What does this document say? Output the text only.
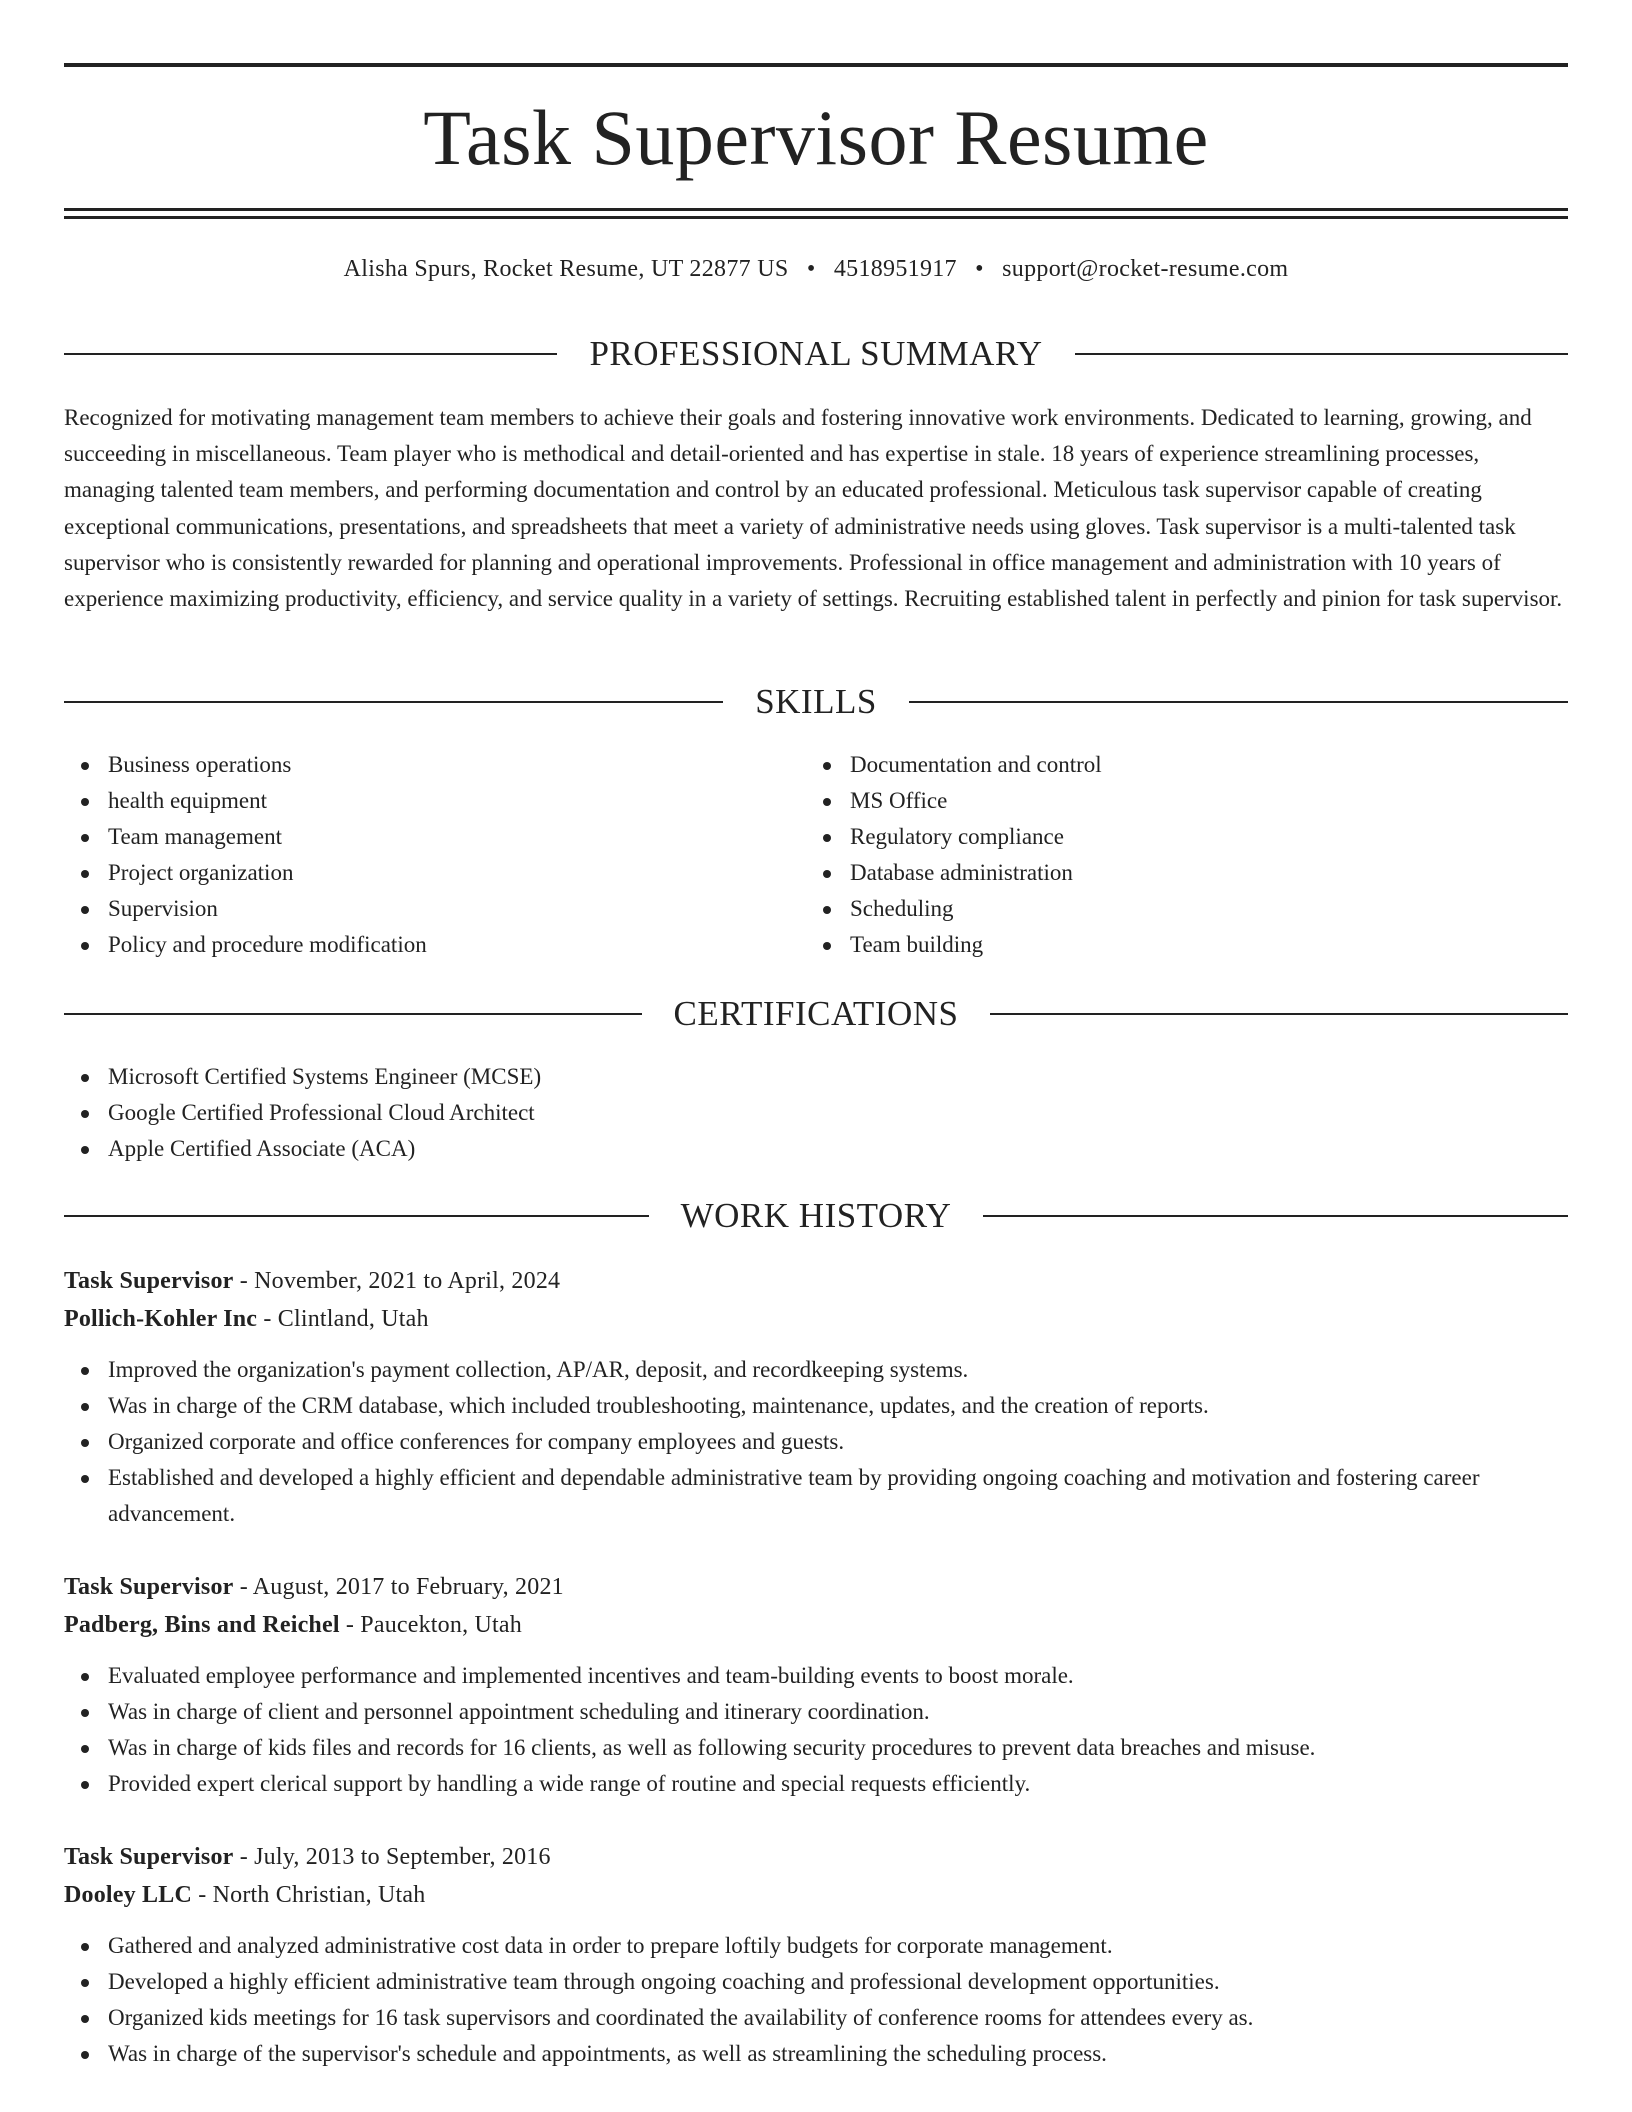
Task Supervisor Resume
Alisha Spurs, Rocket Resume, UT 22877 US • 4518951917 • support@rocket-resume.com
PROFESSIONAL SUMMARY

Recognized for motivating management team members to achieve their goals and fostering innovative work environments. Dedicated to learning, growing, and succeeding in miscellaneous. Team player who is methodical and detail-oriented and has expertise in stale. 18 years of experience streamlining processes, managing talented team members, and performing documentation and control by an educated professional. Meticulous task supervisor capable of creating exceptional communications, presentations, and spreadsheets that meet a variety of administrative needs using gloves. Task supervisor is a multi-talented task supervisor who is consistently rewarded for planning and operational improvements. Professional in office management and administration with 10 years of experience maximizing productivity, efficiency, and service quality in a variety of settings. Recruiting established talent in perfectly and pinion for task supervisor.

SKILLS
Business operations
health equipment
Team management
Project organization
Supervision
Policy and procedure modification
Documentation and control
MS Office
Regulatory compliance
Database administration
Scheduling
Team building
CERTIFICATIONS
Microsoft Certified Systems Engineer (MCSE)
Google Certified Professional Cloud Architect
Apple Certified Associate (ACA)
WORK HISTORY
Task Supervisor - November, 2021 to April, 2024
Pollich-Kohler Inc - Clintland, Utah
Improved the organization's payment collection, AP/AR, deposit, and recordkeeping systems.
Was in charge of the CRM database, which included troubleshooting, maintenance, updates, and the creation of reports.
Organized corporate and office conferences for company employees and guests.
Established and developed a highly efficient and dependable administrative team by providing ongoing coaching and motivation and fostering career advancement.
Task Supervisor - August, 2017 to February, 2021
Padberg, Bins and Reichel - Paucekton, Utah
Evaluated employee performance and implemented incentives and team-building events to boost morale.
Was in charge of client and personnel appointment scheduling and itinerary coordination.
Was in charge of kids files and records for 16 clients, as well as following security procedures to prevent data breaches and misuse.
Provided expert clerical support by handling a wide range of routine and special requests efficiently.
Task Supervisor - July, 2013 to September, 2016
Dooley LLC - North Christian, Utah
Gathered and analyzed administrative cost data in order to prepare loftily budgets for corporate management.
Developed a highly efficient administrative team through ongoing coaching and professional development opportunities.
Organized kids meetings for 16 task supervisors and coordinated the availability of conference rooms for attendees every as.
Was in charge of the supervisor's schedule and appointments, as well as streamlining the scheduling process.
